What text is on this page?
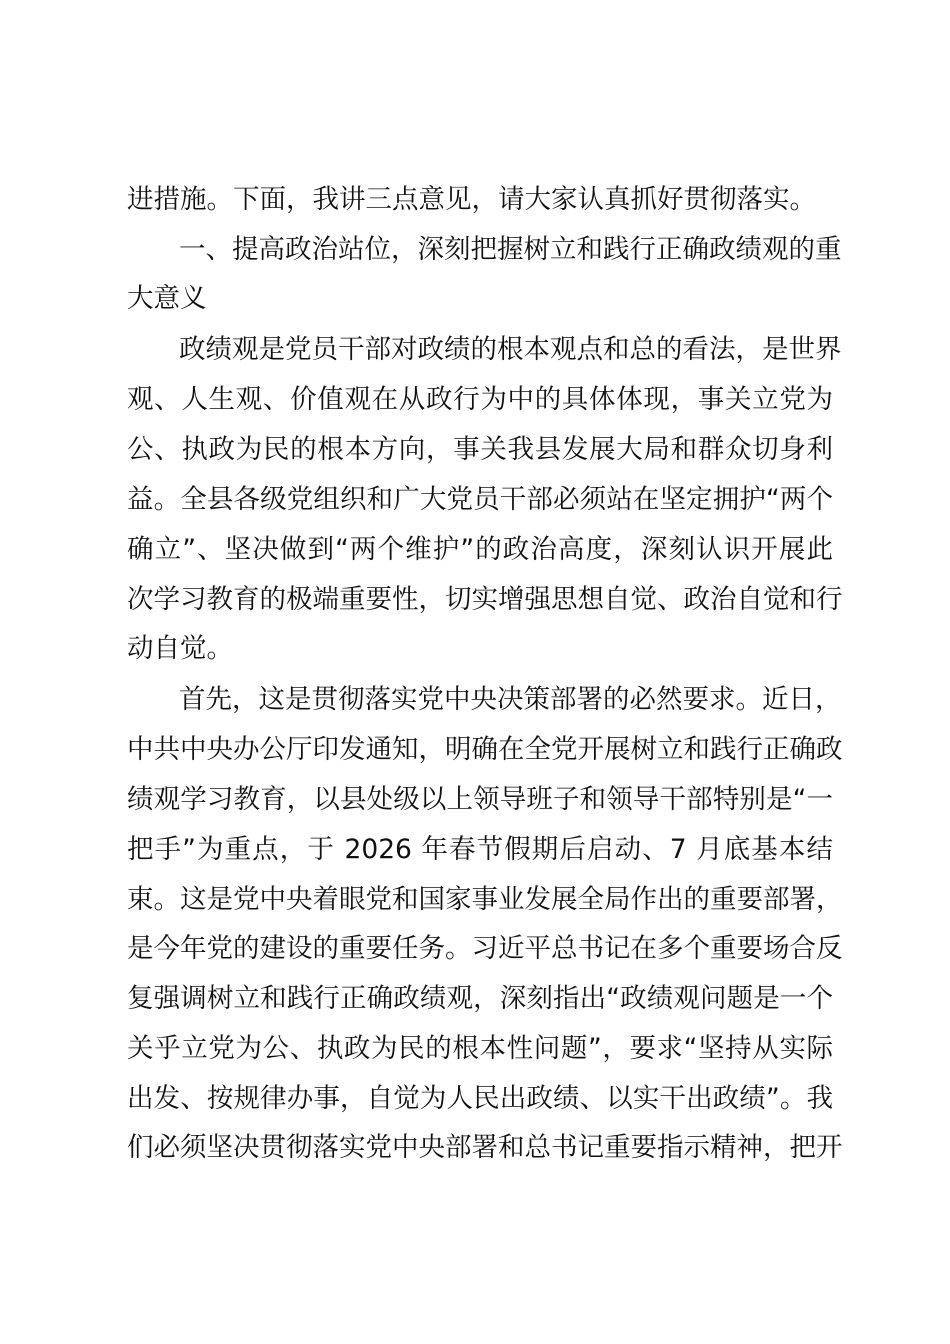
进措施。下面，我讲三点意见，请大家认真抓好贯彻落实。
一、提高政治站位，深刻把握树立和践行正确政绩观的重
大意义
政绩观是党员干部对政绩的根本观点和总的看法，是世界
观、人生观、价值观在从政行为中的具体体现，事关立党为
公、执政为民的根本方向，事关我县发展大局和群众切身利
益。全县各级党组织和广大党员干部必须站在坚定拥护“两个
确立”、坚决做到“两个维护”的政治高度，深刻认识开展此
次学习教育的极端重要性，切实增强思想自觉、政治自觉和行
动自觉。
首先，这是贯彻落实党中央决策部署的必然要求。近日，
中共中央办公厅印发通知，明确在全党开展树立和践行正确政
绩观学习教育，以县处级以上领导班子和领导干部特别是“一
把手”为重点，于 2026 年春节假期后启动、7 月底基本结
束。这是党中央着眼党和国家事业发展全局作出的重要部署，
是今年党的建设的重要任务。习近平总书记在多个重要场合反
复强调树立和践行正确政绩观，深刻指出“政绩观问题是一个
关乎立党为公、执政为民的根本性问题”，要求“坚持从实际
出发、按规律办事，自觉为人民出政绩、以实干出政绩”。我
们必须坚决贯彻落实党中央部署和总书记重要指示精神，把开
